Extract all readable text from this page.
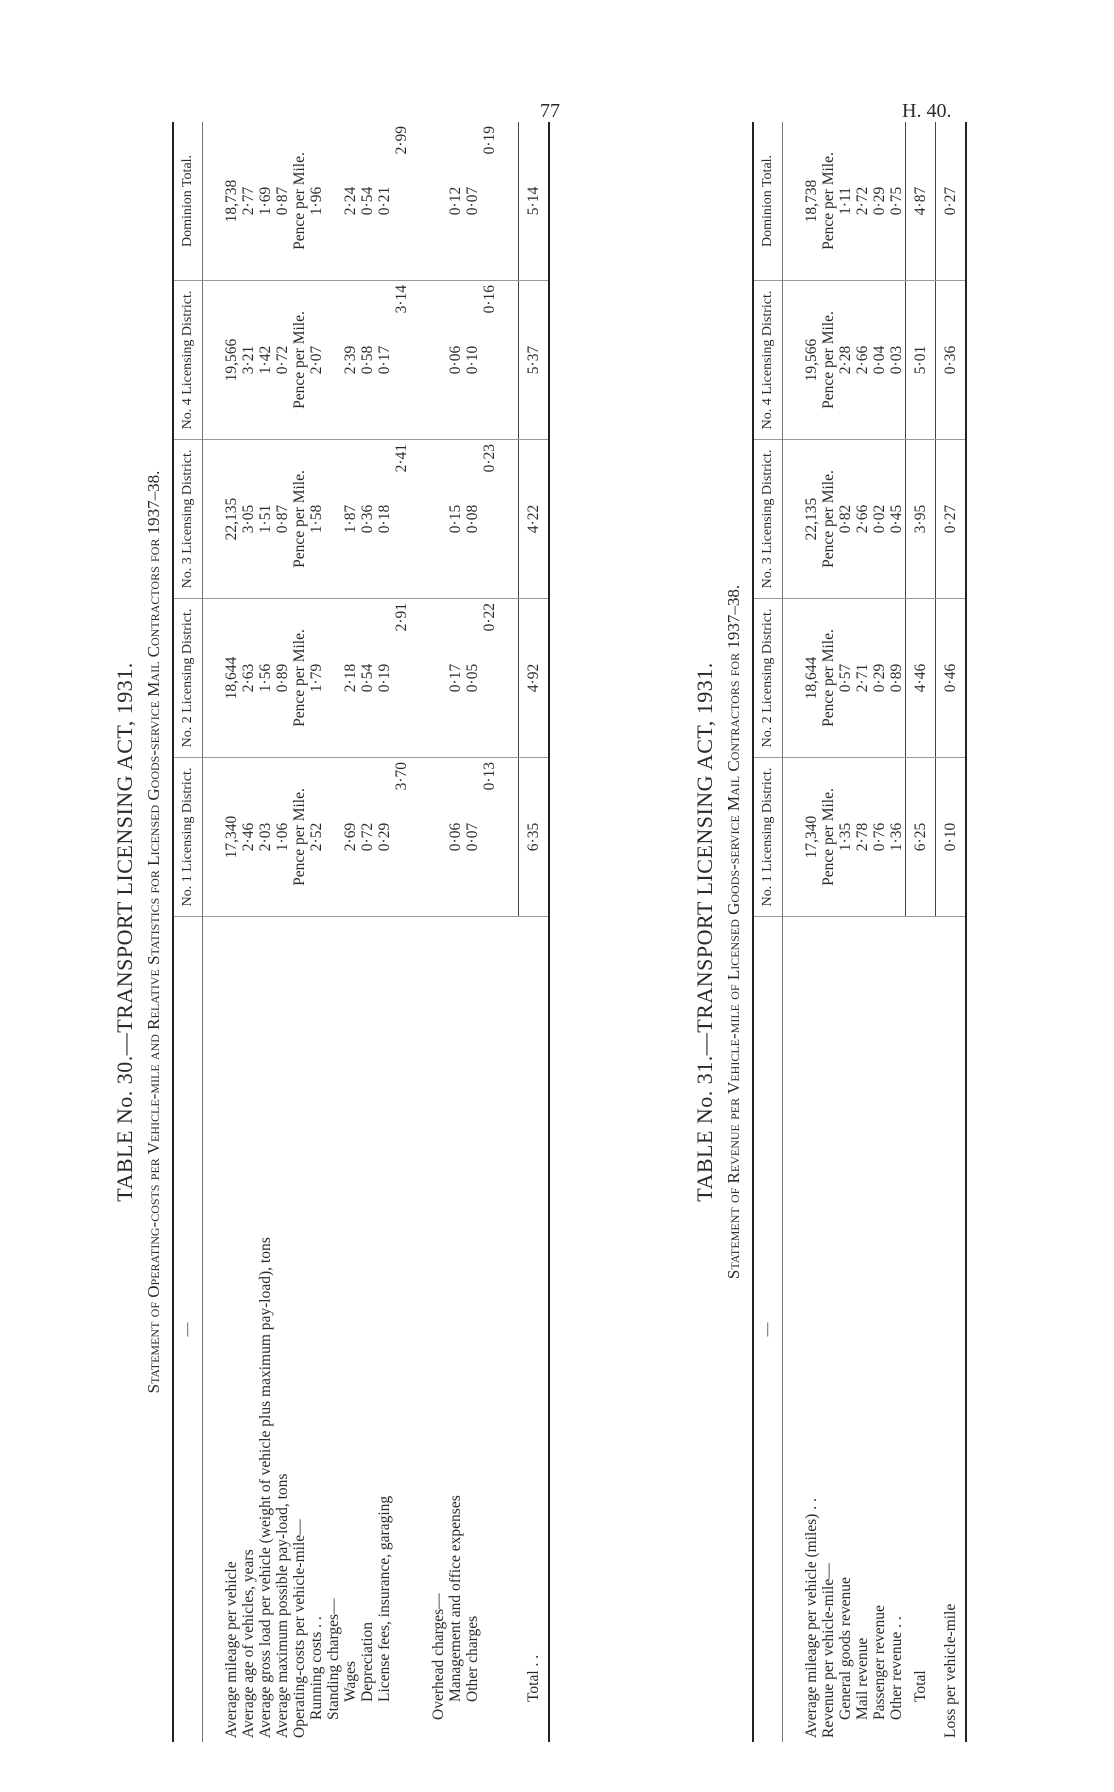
77	H. 40.
TABLE No. 30.—TRANSPORT LICENSING ACT, 1931. Statement of Operating-costs per Vehicle-mile and Relative Statistics for Licensed Goods-service Mail Contractors for 1937–38. —	No. 1 Licensing District.	No. 2 Licensing District.	No. 3 Licensing District.	No. 4 Licensing District.	Dominion Total.

Average mileage per vehicle	17,340	18,644	22,135	19,566	18,738
Average age of vehicles, years	2·46	2·63	3·05	3·21	2·77
Average gross load per vehicle (weight of vehicle plus maximum pay-load), tons	2·03	1·56	1·51	1·42	1·69
Average maximum possible pay-load, tons	1·06	0·89	0·87	0·72	0·87
Operating-costs per vehicle-mile—	Pence per Mile.	Pence per Mile.	Pence per Mile.	Pence per Mile.	Pence per Mile.
Running costs . .	2·52	1·79	1·58	2·07	1·96
Standing charges—					
Wages	2·69	2·18	1·87	2·39	2·24
Depreciation	0·72	0·54	0·36	0·58	0·54
License fees, insurance, garaging	0·29	0·19	0·18	0·17	0·21
	3·70	2·91	2·41	3·14	2·99

Overhead charges—					
Management and office expenses	0·06	0·17	0·15	0·06	0·12
Other charges	0·07	0·05	0·08	0·10	0·07
	0·13	0·22	0·23	0·16	0·19

Total . .	6·35	4·92	4·22	5·37	5·14
TABLE No. 31.—TRANSPORT LICENSING ACT, 1931. Statement of Revenue per Vehicle-mile of Licensed Goods-service Mail Contractors for 1937–38.
—	No. 1 Licensing District.	No. 2 Licensing District.	No. 3 Licensing District.	No. 4 Licensing District.	Dominion Total.

Average mileage per vehicle (miles) . .	17,340	18,644	22,135	19,566	18,738
Revenue per vehicle-mile—	Pence per Mile.	Pence per Mile.	Pence per Mile.	Pence per Mile.	Pence per Mile.
General goods revenue	1·35	0·57	0·82	2·28	1·11
Mail revenue	2·78	2·71	2·66	2·66	2·72
Passenger revenue	0·76	0·29	0·02	0·04	0·29
Other revenue . .	1·36	0·89	0·45	0·03	0·75
Total	6·25	4·46	3·95	5·01	4·87
Loss per vehicle-mile	0·10	0·46	0·27	0·36	0·27
